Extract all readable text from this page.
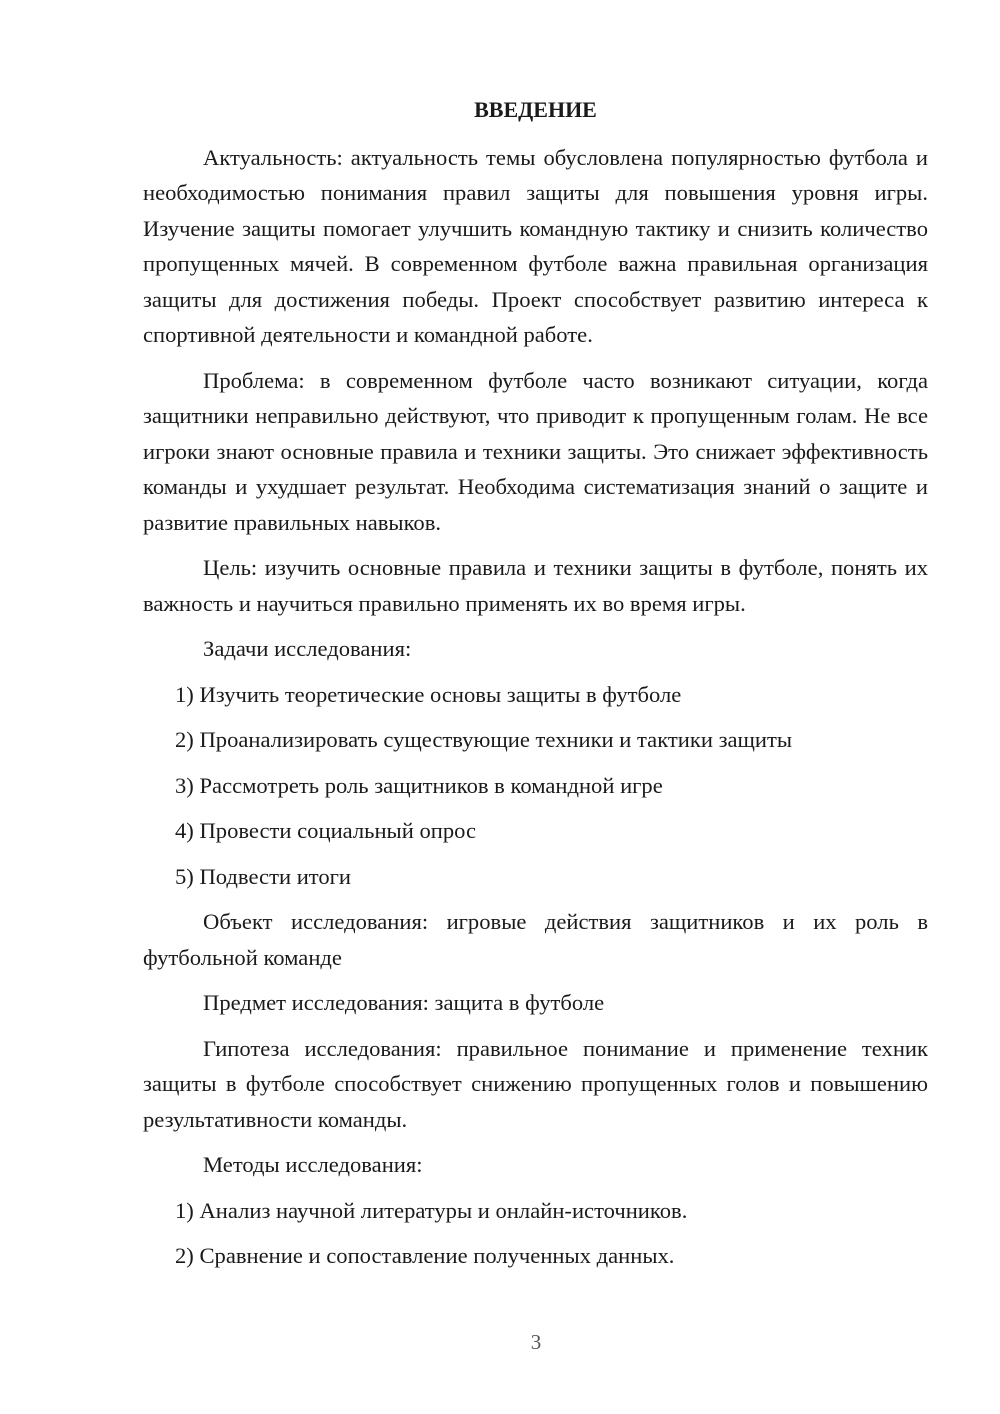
ВВЕДЕНИЕ

Актуальность: актуальность темы обусловлена популярностью футбола и необходимостью понимания правил защиты для повышения уровня игры. Изучение защиты помогает улучшить командную тактику и снизить количество пропущенных мячей. В современном футболе важна правильная организация защиты для достижения победы. Проект способствует развитию интереса к спортивной деятельности и командной работе.

Проблема: в современном футболе часто возникают ситуации, когда защитники неправильно действуют, что приводит к пропущенным голам. Не все игроки знают основные правила и техники защиты. Это снижает эффективность команды и ухудшает результат. Необходима систематизация знаний о защите и развитие правильных навыков.

Цель: изучить основные правила и техники защиты в футболе, понять их важность и научиться правильно применять их во время игры.

Задачи исследования:

1) Изучить теоретические основы защиты в футболе
2) Проанализировать существующие техники и тактики защиты
3) Рассмотреть роль защитников в командной игре
4) Провести социальный опрос
5) Подвести итоги

Объект исследования: игровые действия защитников и их роль в футбольной команде

Предмет исследования: защита в футболе

Гипотеза исследования: правильное понимание и применение техник защиты в футболе способствует снижению пропущенных голов и повышению результативности команды.

Методы исследования:

1) Анализ научной литературы и онлайн-источников.
2) Сравнение и сопоставление полученных данных.
3
